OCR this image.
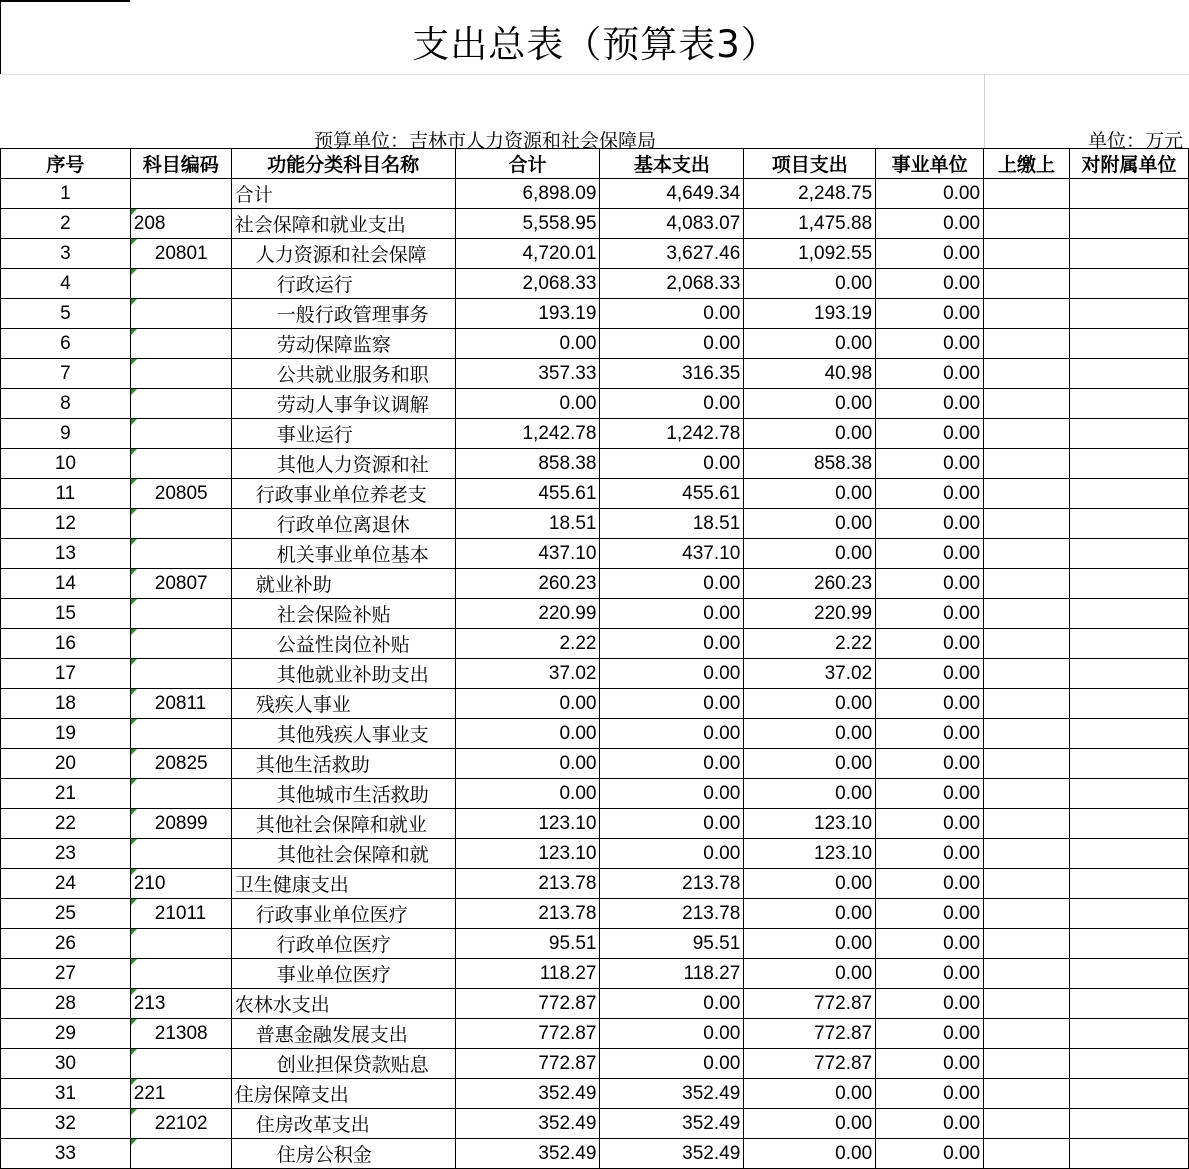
支出总表（预算表3）
预算单位：吉林市人力资源和社会保障局	单位：万元
序号	科目编码	功能分类科目名称	合计	基本支出	项目支出	事业单位	上缴上	对附属单位
1		合计	6,898.09	4,649.34	2,248.75	0.00		
2	208	社会保障和就业支出	5,558.95	4,083.07	1,475.88	0.00		
3	20801	人力资源和社会保障	4,720.01	3,627.46	1,092.55	0.00		
4		行政运行	2,068.33	2,068.33	0.00	0.00		
5		一般行政管理事务	193.19	0.00	193.19	0.00		
6		劳动保障监察	0.00	0.00	0.00	0.00		
7		公共就业服务和职	357.33	316.35	40.98	0.00		
8		劳动人事争议调解	0.00	0.00	0.00	0.00		
9		事业运行	1,242.78	1,242.78	0.00	0.00		
10		其他人力资源和社	858.38	0.00	858.38	0.00		
11	20805	行政事业单位养老支	455.61	455.61	0.00	0.00		
12		行政单位离退休	18.51	18.51	0.00	0.00		
13		机关事业单位基本	437.10	437.10	0.00	0.00		
14	20807	就业补助	260.23	0.00	260.23	0.00		
15		社会保险补贴	220.99	0.00	220.99	0.00		
16		公益性岗位补贴	2.22	0.00	2.22	0.00		
17		其他就业补助支出	37.02	0.00	37.02	0.00		
18	20811	残疾人事业	0.00	0.00	0.00	0.00		
19		其他残疾人事业支	0.00	0.00	0.00	0.00		
20	20825	其他生活救助	0.00	0.00	0.00	0.00		
21		其他城市生活救助	0.00	0.00	0.00	0.00		
22	20899	其他社会保障和就业	123.10	0.00	123.10	0.00		
23		其他社会保障和就	123.10	0.00	123.10	0.00		
24	210	卫生健康支出	213.78	213.78	0.00	0.00		
25	21011	行政事业单位医疗	213.78	213.78	0.00	0.00		
26		行政单位医疗	95.51	95.51	0.00	0.00		
27		事业单位医疗	118.27	118.27	0.00	0.00		
28	213	农林水支出	772.87	0.00	772.87	0.00		
29	21308	普惠金融发展支出	772.87	0.00	772.87	0.00		
30		创业担保贷款贴息	772.87	0.00	772.87	0.00		
31	221	住房保障支出	352.49	352.49	0.00	0.00		
32	22102	住房改革支出	352.49	352.49	0.00	0.00		
33		住房公积金	352.49	352.49	0.00	0.00		
